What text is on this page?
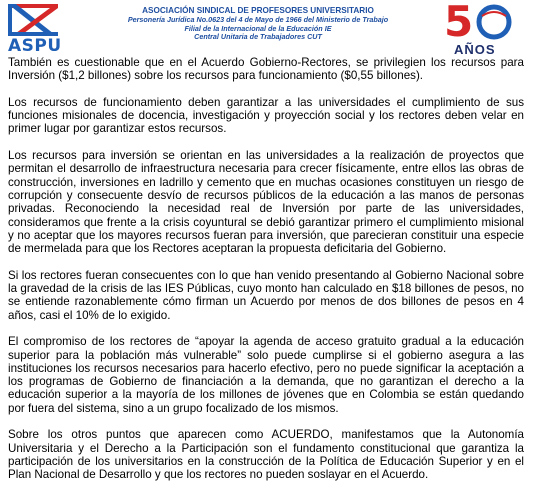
ASPU
ASOCIACIÓN SINDICAL DE PROFESORES UNIVERSITARIO
Personería Jurídica No.0623 del 4 de Mayo de 1966 del Ministerio de Trabajo
Filial de la Internacional de la Educación IE
Central Unitaria de Trabajadores CUT	5
AÑOS

También es cuestionable que en el Acuerdo Gobierno-Rectores, se privilegien los recursos para Inversión ($1,2 billones) sobre los recursos para funcionamiento ($0,55 billones).

Los recursos de funcionamiento deben garantizar a las universidades el cumplimiento de sus funciones misionales de docencia, investigación y proyección social y los rectores deben velar en primer lugar por garantizar estos recursos.

Los recursos para inversión se orientan en las universidades a la realización de proyectos que permitan el desarrollo de infraestructura necesaria para crecer físicamente, entre ellos las obras de construcción, inversiones en ladrillo y cemento que en muchas ocasiones constituyen un riesgo de corrupción y consecuente desvío de recursos públicos de la educación a las manos de personas privadas. Reconociendo la necesidad real de Inversión por parte de las universidades, consideramos que frente a la crisis coyuntural se debió garantizar primero el cumplimiento misional y no aceptar que los mayores recursos fueran para inversión, que parecieran constituir una especie de mermelada para que los Rectores aceptaran la propuesta deficitaria del Gobierno.

Si los rectores fueran consecuentes con lo que han venido presentando al Gobierno Nacional sobre la gravedad de la crisis de las IES Públicas, cuyo monto han calculado en $18 billones de pesos, no se entiende razonablemente cómo firman un Acuerdo por menos de dos billones de pesos en 4 años, casi el 10% de lo exigido.

El compromiso de los rectores de “apoyar la agenda de acceso gratuito gradual a la educación superior para la población más vulnerable” solo puede cumplirse si el gobierno asegura a las instituciones los recursos necesarios para hacerlo efectivo, pero no puede significar la aceptación a los programas de Gobierno de financiación a la demanda, que no garantizan el derecho a la educación superior a la mayoría de los millones de jóvenes que en Colombia se están quedando por fuera del sistema, sino a un grupo focalizado de los mismos.

Sobre los otros puntos que aparecen como ACUERDO, manifestamos que la Autonomía Universitaria y el Derecho a la Participación son el fundamento constitucional que garantiza la participación de los universitarios en la construcción de la Política de Educación Superior y en el Plan Nacional de Desarrollo y que los rectores no pueden soslayar en el Acuerdo.
